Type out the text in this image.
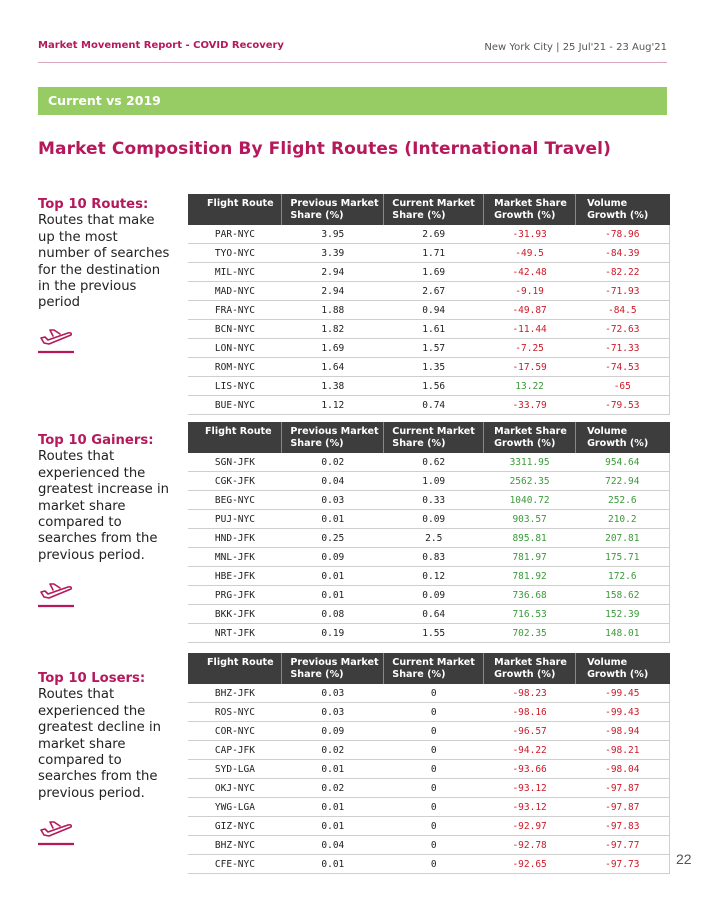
Market Movement Report - COVID Recovery	New York City | 25 Jul'21 - 23 Aug'21
Current vs 2019
Market Composition By Flight Routes (International Travel)
Top 10 Routes:
Routes that make up the most number of searches for the destination in the previous period
Flight Route	Previous Market Share (%)	Current Market Share (%)	Market Share Growth (%)	Volume Growth (%)

PAR-NYC	3.95	2.69	-31.93	-78.96
TYO-NYC	3.39	1.71	-49.5	-84.39
MIL-NYC	2.94	1.69	-42.48	-82.22
MAD-NYC	2.94	2.67	-9.19	-71.93
FRA-NYC	1.88	0.94	-49.87	-84.5
BCN-NYC	1.82	1.61	-11.44	-72.63
LON-NYC	1.69	1.57	-7.25	-71.33
ROM-NYC	1.64	1.35	-17.59	-74.53
LIS-NYC	1.38	1.56	13.22	-65
BUE-NYC	1.12	0.74	-33.79	-79.53
Top 10 Gainers:
Routes that experienced the greatest increase in market share compared to searches from the previous period.
Flight Route	Previous Market Share (%)	Current Market Share (%)	Market Share Growth (%)	Volume Growth (%)

SGN-JFK	0.02	0.62	3311.95	954.64
CGK-JFK	0.04	1.09	2562.35	722.94
BEG-NYC	0.03	0.33	1040.72	252.6
PUJ-NYC	0.01	0.09	903.57	210.2
HND-JFK	0.25	2.5	895.81	207.81
MNL-JFK	0.09	0.83	781.97	175.71
HBE-JFK	0.01	0.12	781.92	172.6
PRG-JFK	0.01	0.09	736.68	158.62
BKK-JFK	0.08	0.64	716.53	152.39
NRT-JFK	0.19	1.55	702.35	148.01
Top 10 Losers:
Routes that experienced the greatest decline in market share compared to searches from the previous period.
Flight Route	Previous Market Share (%)	Current Market Share (%)	Market Share Growth (%)	Volume Growth (%)

BHZ-JFK	0.03	0	-98.23	-99.45
ROS-NYC	0.03	0	-98.16	-99.43
COR-NYC	0.09	0	-96.57	-98.94
CAP-JFK	0.02	0	-94.22	-98.21
SYD-LGA	0.01	0	-93.66	-98.04
OKJ-NYC	0.02	0	-93.12	-97.87
YWG-LGA	0.01	0	-93.12	-97.87
GIZ-NYC	0.01	0	-92.97	-97.83
BHZ-NYC	0.04	0	-92.78	-97.77
CFE-NYC	0.01	0	-92.65	-97.73	22
